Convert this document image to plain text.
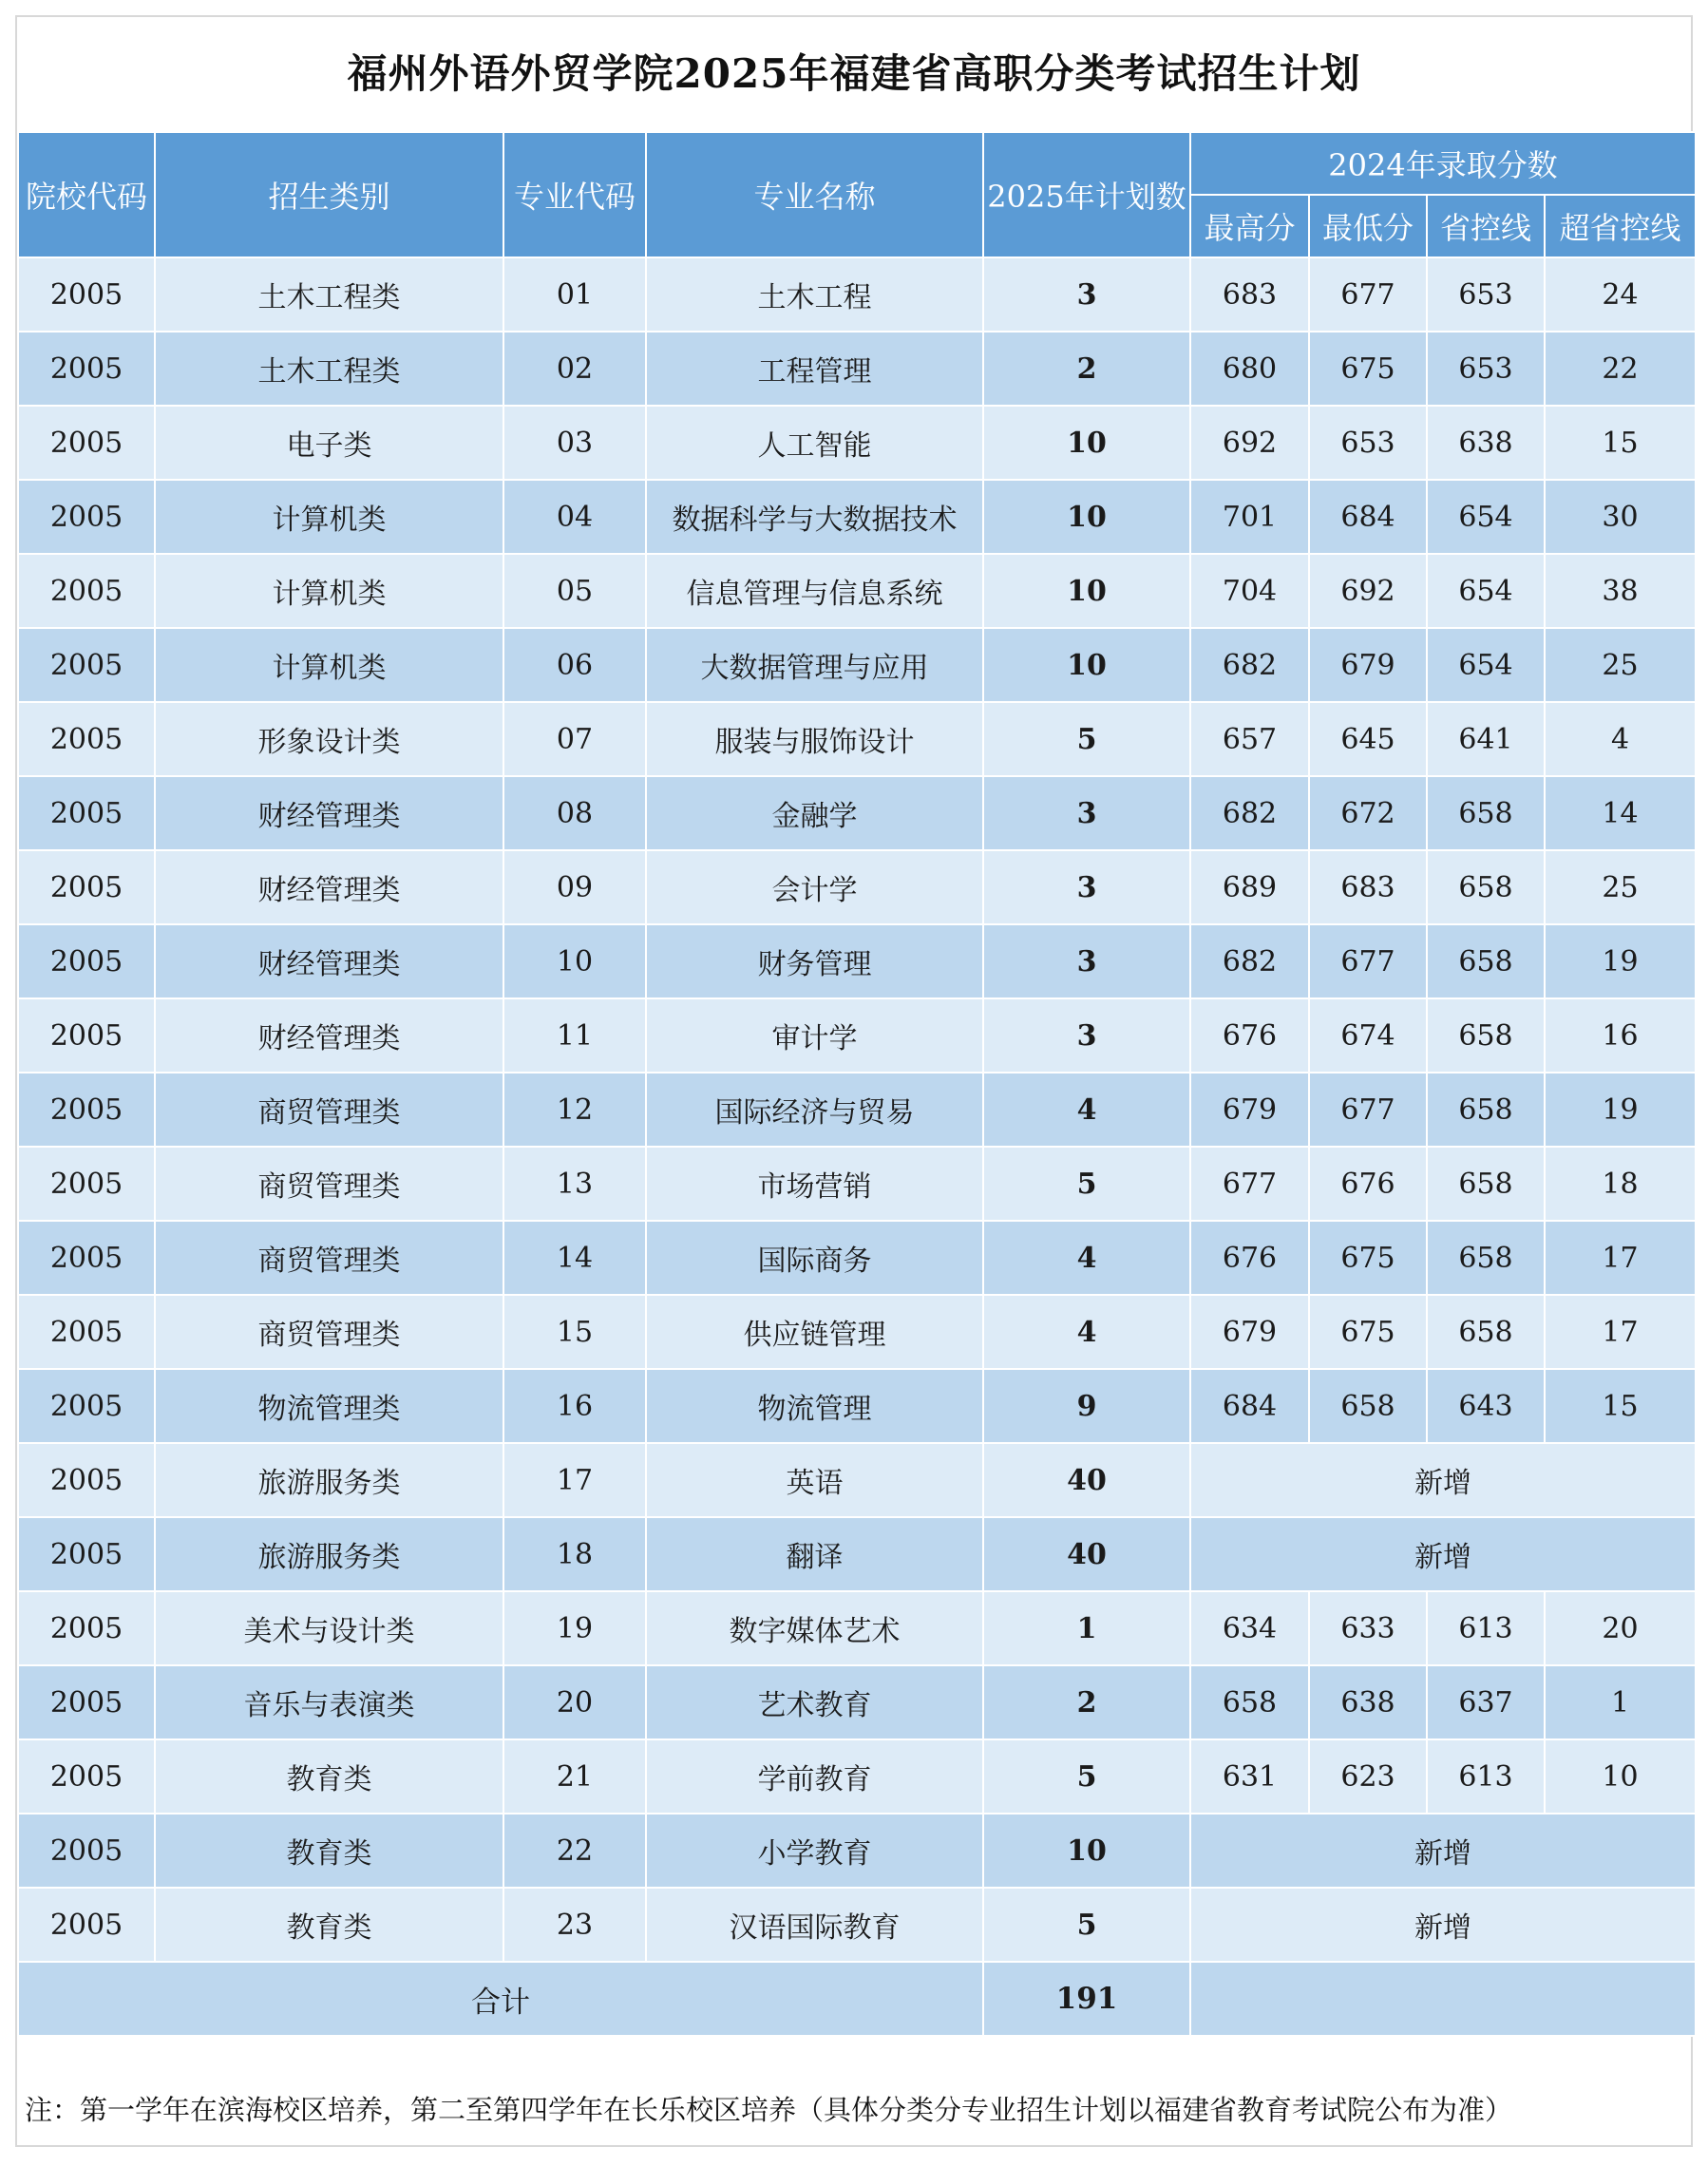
福州外语外贸学院2025年福建省高职分类考试招生计划
院校代码	招生类别	专业代码	专业名称	2025年计划数	2024年录取分数			
					最高分	最低分	省控线	超省控线
2005	土木工程类	01	土木工程	3	683	677	653	24
2005	土木工程类	02	工程管理	2	680	675	653	22
2005	电子类	03	人工智能	10	692	653	638	15
2005	计算机类	04	数据科学与大数据技术	10	701	684	654	30
2005	计算机类	05	信息管理与信息系统	10	704	692	654	38
2005	计算机类	06	大数据管理与应用	10	682	679	654	25
2005	形象设计类	07	服装与服饰设计	5	657	645	641	4
2005	财经管理类	08	金融学	3	682	672	658	14
2005	财经管理类	09	会计学	3	689	683	658	25
2005	财经管理类	10	财务管理	3	682	677	658	19
2005	财经管理类	11	审计学	3	676	674	658	16
2005	商贸管理类	12	国际经济与贸易	4	679	677	658	19
2005	商贸管理类	13	市场营销	5	677	676	658	18
2005	商贸管理类	14	国际商务	4	676	675	658	17
2005	商贸管理类	15	供应链管理	4	679	675	658	17
2005	物流管理类	16	物流管理	9	684	658	643	15
2005	旅游服务类	17	英语	40	新增			
2005	旅游服务类	18	翻译	40	新增			
2005	美术与设计类	19	数字媒体艺术	1	634	633	613	20
2005	音乐与表演类	20	艺术教育	2	658	638	637	1
2005	教育类	21	学前教育	5	631	623	613	10
2005	教育类	22	小学教育	10	新增			
2005	教育类	23	汉语国际教育	5	新增			
合计				191				
注：第一学年在滨海校区培养，第二至第四学年在长乐校区培养（具体分类分专业招生计划以福建省教育考试院公布为准）
